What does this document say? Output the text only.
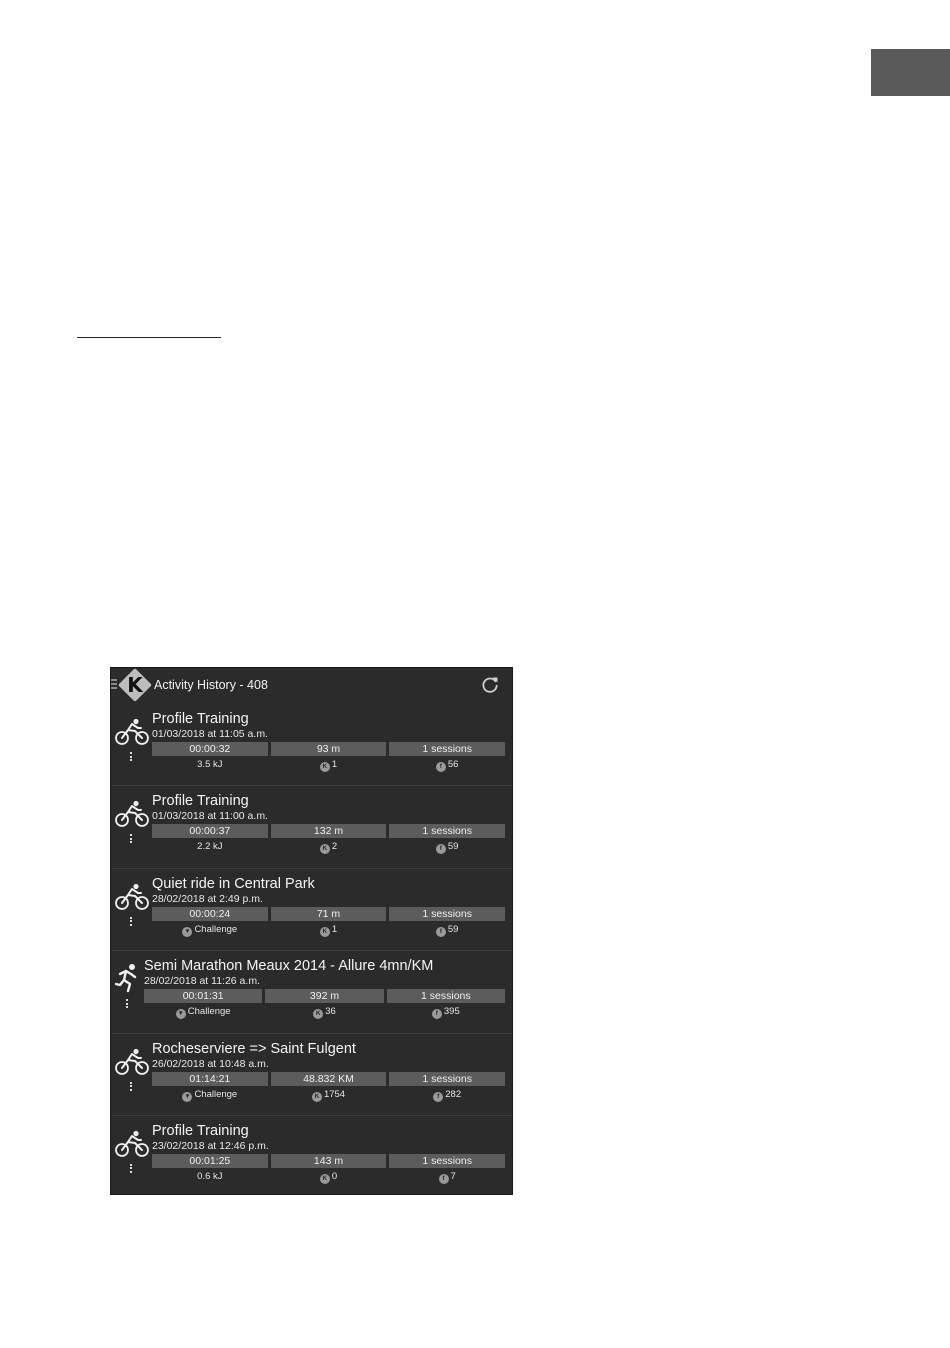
K Activity History - 408
Profile Training
01/03/2018 at 11:05 a.m.
00:00:32	93 m	1 sessions
3.5 kJ	K 1	f 56
Profile Training
01/03/2018 at 11:00 a.m.
00:00:37	132 m	1 sessions
2.2 kJ	K 2	f 59
Quiet ride in Central Park
28/02/2018 at 2:49 p.m.
00:00:24	71 m	1 sessions
▼ Challenge	K 1	f 59
Semi Marathon Meaux 2014 - Allure 4mn/KM
28/02/2018 at 11:26 a.m.
00:01:31	392 m	1 sessions
▼ Challenge	K 36	f 395
Rocheserviere => Saint Fulgent
26/02/2018 at 10:48 a.m.
01:14:21	48.832 KM	1 sessions
▼ Challenge	K 1754	f 282
Profile Training
23/02/2018 at 12:46 p.m.
00:01:25	143 m	1 sessions
0.6 kJ	K 0	f 7
